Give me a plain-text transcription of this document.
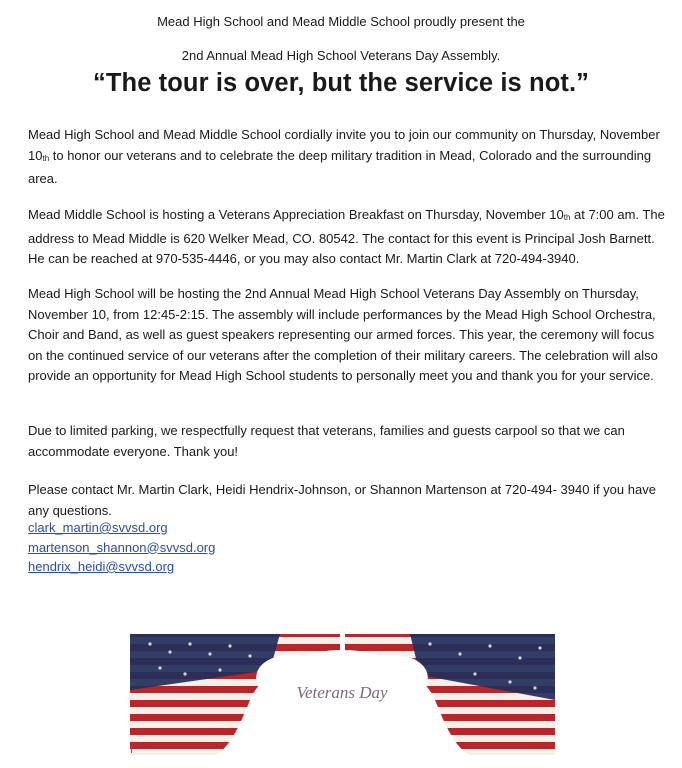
Mead High School and Mead Middle School proudly present the
2nd Annual Mead High School Veterans Day Assembly.
“The tour is over, but the service is not.”

Mead High School and Mead Middle School cordially invite you to join our community on Thursday, November $10_{th}$ to honor our veterans and to celebrate the deep military tradition in Mead, Colorado and the surrounding area.

Mead Middle School is hosting a Veterans Appreciation Breakfast on Thursday, November $10_{th}$ at 7:00 am. The address to Mead Middle is 620 Welker Mead, CO. 80542. The contact for this event is Principal Josh Barnett. He can be reached at 970-535-4446, or you may also contact Mr. Martin Clark at 720-494-3940.

Mead High School will be hosting the 2nd Annual Mead High School Veterans Day Assembly on Thursday, November 10, from 12:45-2:15. The assembly will include performances by the Mead High School Orchestra, Choir and Band, as well as guest speakers representing our armed forces. This year, the ceremony will focus on the continued service of our veterans after the completion of their military careers. The celebration will also provide an opportunity for Mead High School students to personally meet you and thank you for your service.

Due to limited parking, we respectfully request that veterans, families and guests carpool so that we can accommodate everyone. Thank you!

Please contact Mr. Martin Clark, Heidi Hendrix-Johnson, or Shannon Martenson at 720-494- 3940 if you have any questions.

clark_martin@svvsd.org
martenson_shannon@svvsd.org
hendrix_heidi@svvsd.org
Veterans Day
